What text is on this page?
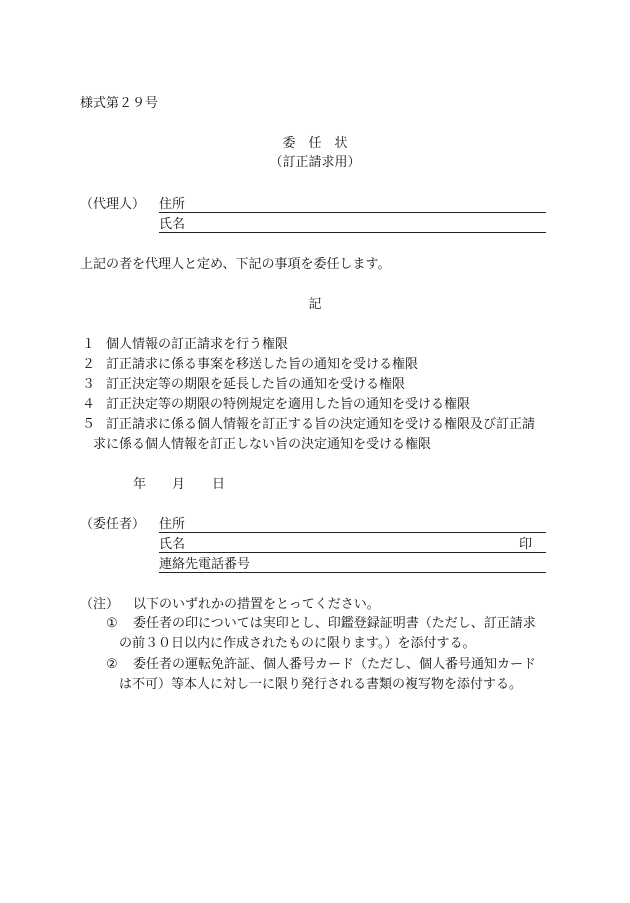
様式第２９号
委　任　状
（訂正請求用）
（代理人） 住所
氏名
上記の者を代理人と定め、下記の事項を委任します。
記
１ 個人情報の訂正請求を行う権限
２ 訂正請求に係る事案を移送した旨の通知を受ける権限
３ 訂正決定等の期限を延長した旨の通知を受ける権限
４ 訂正決定等の期限の特例規定を適用した旨の通知を受ける権限
５ 訂正請求に係る個人情報を訂正する旨の決定通知を受ける権限及び訂正請
求に係る個人情報を訂正しない旨の決定通知を受ける権限
年 月 日
（委任者） 住所
氏名	印
連絡先電話番号
（注） 以下のいずれかの措置をとってください。
① 委任者の印については実印とし、印鑑登録証明書（ただし、訂正請求
の前３０日以内に作成されたものに限ります。）を添付する。
② 委任者の運転免許証、個人番号カード（ただし、個人番号通知カード
は不可）等本人に対し一に限り発行される書類の複写物を添付する。
